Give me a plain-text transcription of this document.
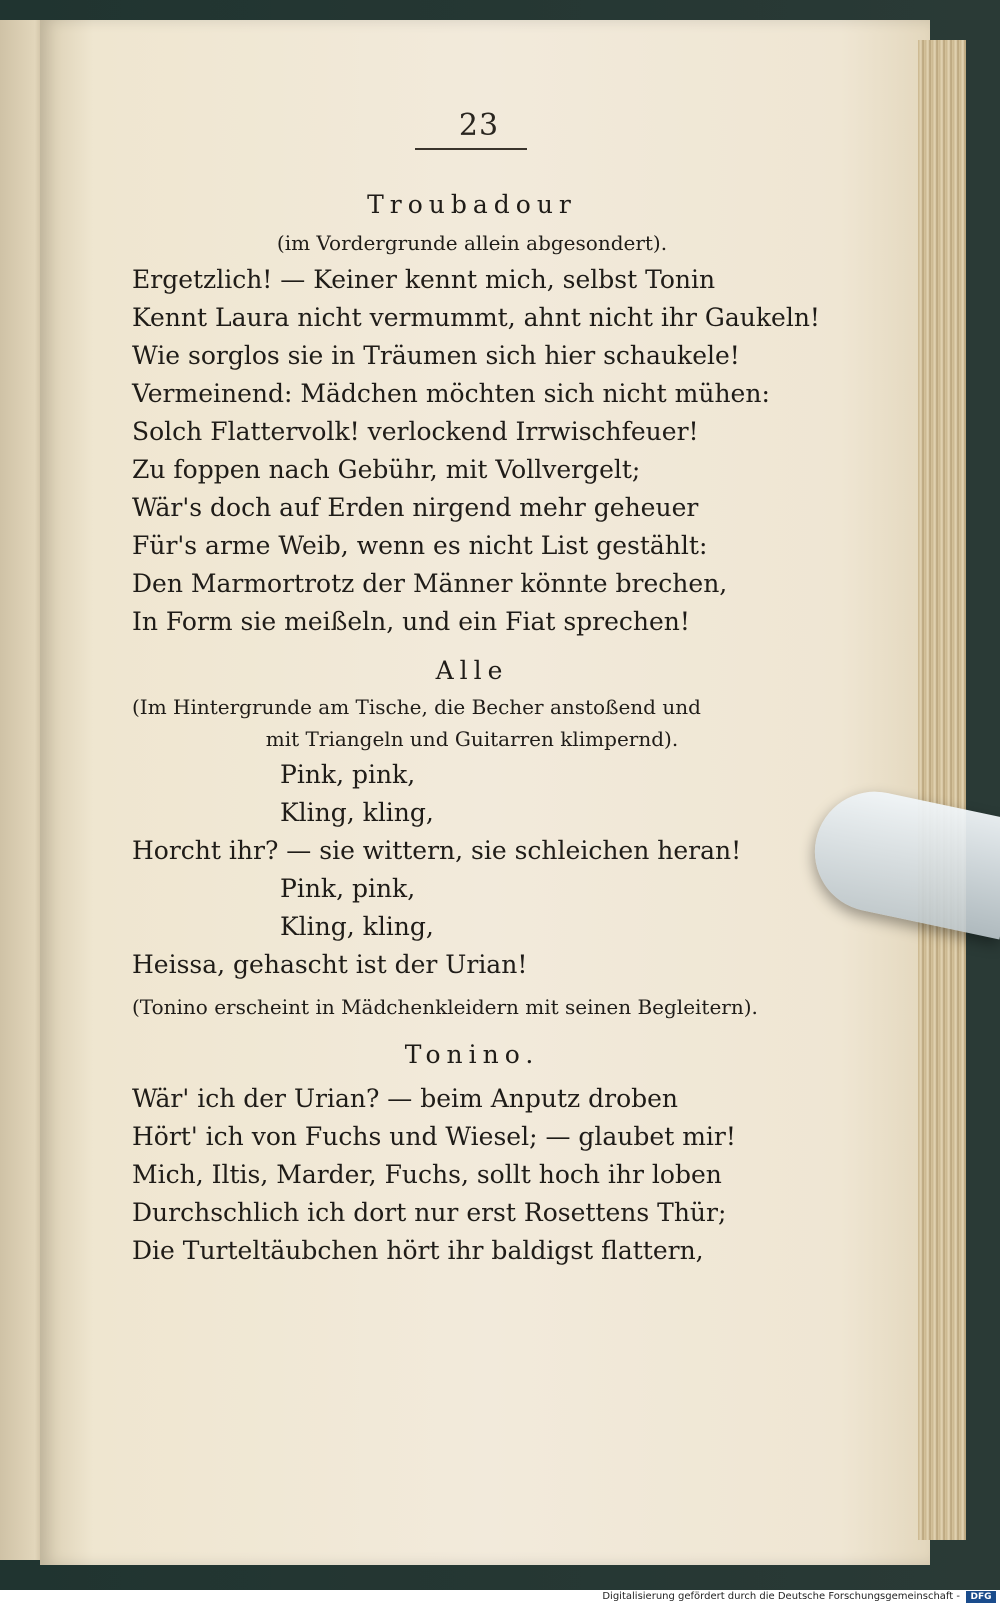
23
Troubadour
(im Vordergrunde allein abgesondert).
Ergetzlich! — Keiner kennt mich, selbst Tonin
Kennt Laura nicht vermummt, ahnt nicht ihr Gaukeln!
Wie sorglos sie in Träumen sich hier schaukele!
Vermeinend: Mädchen möchten sich nicht mühen:
Solch Flattervolk! verlockend Irrwischfeuer!
Zu foppen nach Gebühr, mit Vollvergelt;
Wär's doch auf Erden nirgend mehr geheuer
Für's arme Weib, wenn es nicht List gestählt:
Den Marmortrotz der Männer könnte brechen,
In Form sie meißeln, und ein Fiat sprechen!
Alle
(Im Hintergrunde am Tische, die Becher anstoßend und
mit Triangeln und Guitarren klimpernd).
Pink, pink,
Kling, kling,
Horcht ihr? — sie wittern, sie schleichen heran!
Pink, pink,
Kling, kling,
Heissa, gehascht ist der Urian!
(Tonino erscheint in Mädchenkleidern mit seinen Begleitern).
Tonino.
Wär' ich der Urian? — beim Anputz droben
Hört' ich von Fuchs und Wiesel; — glaubet mir!
Mich, Iltis, Marder, Fuchs, sollt hoch ihr loben
Durchschlich ich dort nur erst Rosettens Thür;
Die Turteltäubchen hört ihr baldigst flattern,
Digitalisierung gefördert durch die Deutsche Forschungsgemeinschaft -	DFG
